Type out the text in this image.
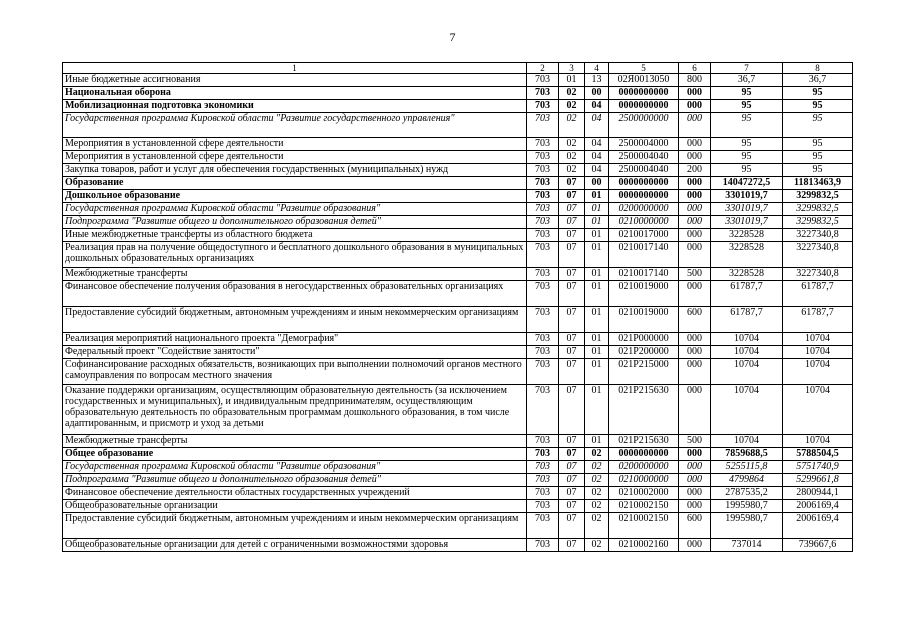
7
1	2	3	4	5	6	7	8
Иные бюджетные ассигнования	703	01	13	02Я0013050	800	36,7	36,7
Национальная оборона	703	02	00	0000000000	000	95	95
Мобилизационная подготовка экономики	703	02	04	0000000000	000	95	95
Государственная программа Кировской области "Развитие государственного управления"	703	02	04	2500000000	000	95	95
Мероприятия в установленной сфере деятельности	703	02	04	2500004000	000	95	95
Мероприятия в установленной сфере деятельности	703	02	04	2500004040	000	95	95
Закупка товаров, работ и услуг для обеспечения государственных (муниципальных) нужд	703	02	04	2500004040	200	95	95
Образование	703	07	00	0000000000	000	14047272,5	11813463,9
Дошкольное образование	703	07	01	0000000000	000	3301019,7	3299832,5
Государственная программа Кировской области "Развитие образования"	703	07	01	0200000000	000	3301019,7	3299832,5
Подпрограмма "Развитие общего и дополнительного образования детей"	703	07	01	0210000000	000	3301019,7	3299832,5
Иные межбюджетные трансферты из областного бюджета	703	07	01	0210017000	000	3228528	3227340,8
Реализация прав на получение общедоступного и бесплатного дошкольного образования в муниципальных дошкольных образовательных организациях	703	07	01	0210017140	000	3228528	3227340,8
Межбюджетные трансферты	703	07	01	0210017140	500	3228528	3227340,8
Финансовое обеспечение получения образования в негосударственных образовательных организациях	703	07	01	0210019000	000	61787,7	61787,7
Предоставление субсидий бюджетным, автономным учреждениям и иным некоммерческим организациям	703	07	01	0210019000	600	61787,7	61787,7
Реализация мероприятий национального проекта "Демография"	703	07	01	021P000000	000	10704	10704
Федеральный проект "Содействие занятости"	703	07	01	021P200000	000	10704	10704
Софинансирование расходных обязательств, возникающих при выполнении полномочий органов местного самоуправления по вопросам местного значения	703	07	01	021P215000	000	10704	10704
Оказание поддержки организациям, осуществляющим образовательную деятельность (за исключением государственных и муниципальных), и индивидуальным предпринимателям, осуществляющим образовательную деятельность по образовательным программам дошкольного образования, в том числе адаптированным, и присмотр и уход за детьми	703	07	01	021P215630	000	10704	10704
Межбюджетные трансферты	703	07	01	021P215630	500	10704	10704
Общее образование	703	07	02	0000000000	000	7859688,5	5788504,5
Государственная программа Кировской области "Развитие образования"	703	07	02	0200000000	000	5255115,8	5751740,9
Подпрограмма "Развитие общего и дополнительного образования детей"	703	07	02	0210000000	000	4799864	5299661,8
Финансовое обеспечение деятельности областных государственных учреждений	703	07	02	0210002000	000	2787535,2	2800944,1
Общеобразовательные организации	703	07	02	0210002150	000	1995980,7	2006169,4
Предоставление субсидий бюджетным, автономным учреждениям и иным некоммерческим организациям	703	07	02	0210002150	600	1995980,7	2006169,4
Общеобразовательные организации для детей с ограниченными возможностями здоровья	703	07	02	0210002160	000	737014	739667,6
